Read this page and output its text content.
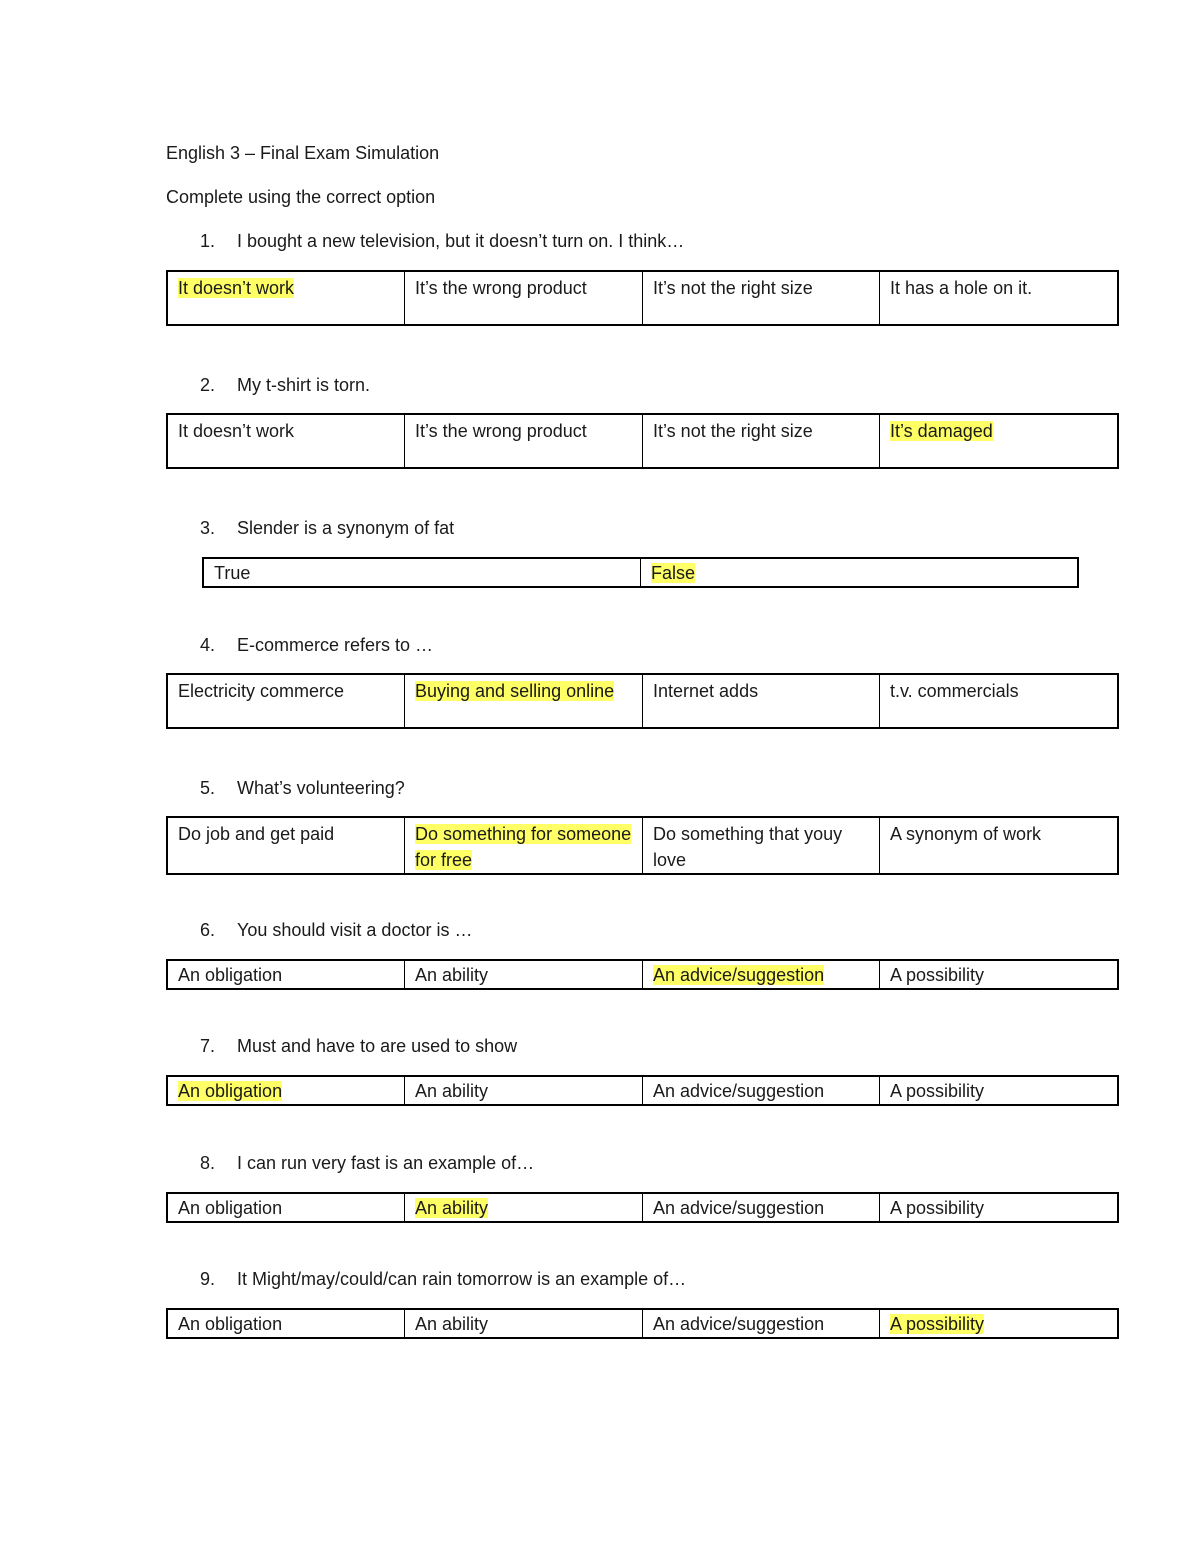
English 3 – Final Exam Simulation
Complete using the correct option
1. I bought a new television, but it doesn’t turn on. I think…
It doesn’t work	It’s the wrong product	It’s not the right size	It has a hole on it.
2. My t-shirt is torn.
It doesn’t work	It’s the wrong product	It’s not the right size	It’s damaged
3. Slender is a synonym of fat
True	False
4. E-commerce refers to …
Electricity commerce	Buying and selling online	Internet adds	t.v. commercials
5. What’s volunteering?
Do job and get paid	Do something for someone for free	Do something that youy love	A synonym of work
6. You should visit a doctor is …
An obligation	An ability	An advice/suggestion	A possibility
7. Must and have to are used to show
An obligation	An ability	An advice/suggestion	A possibility
8. I can run very fast is an example of…
An obligation	An ability	An advice/suggestion	A possibility
9. It Might/may/could/can rain tomorrow is an example of…
An obligation	An ability	An advice/suggestion	A possibility
